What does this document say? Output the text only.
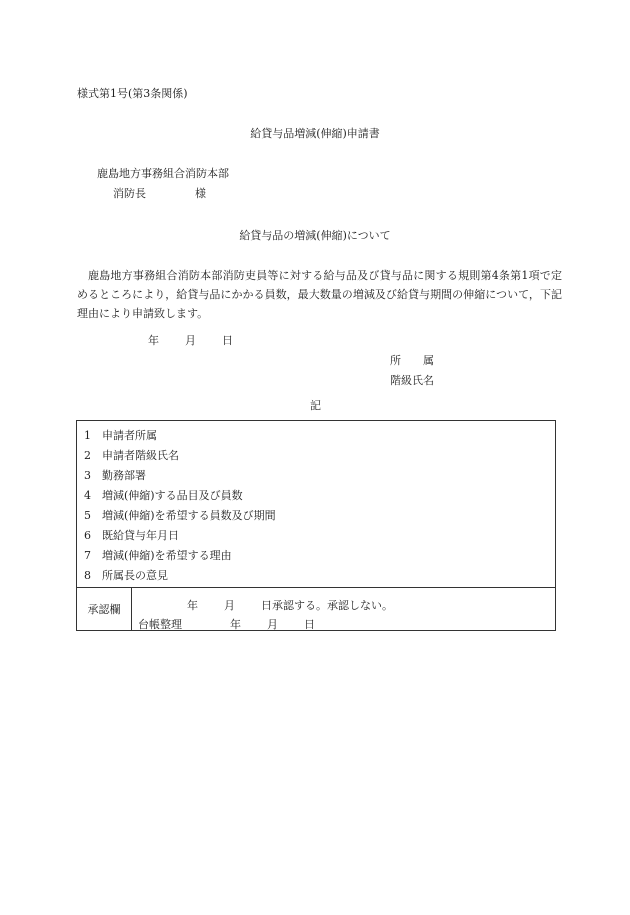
様式第1号(第3条関係)
給貸与品増減(伸縮)申請書
鹿島地方事務組合消防本部
消防長	様
給貸与品の増減(伸縮)について
鹿島地方事務組合消防本部消防吏員等に対する給与品及び貸与品に関する規則第4条第1項で定めるところにより，給貸与品にかかる員数，最大数量の増減及び給貸与期間の伸縮について，下記理由により申請致します。
年 月 日
所　　属
階級氏名
記
1 申請者所属
2 申請者階級氏名
3 勤務部署
4 増減(伸縮)する品目及び員数
5 増減(伸縮)を希望する員数及び期間
6 既給貸与年月日
7 増減(伸縮)を希望する理由
8 所属長の意見
承認欄	年 月 日承認する。承認しない。
台帳整理	年 月 日
